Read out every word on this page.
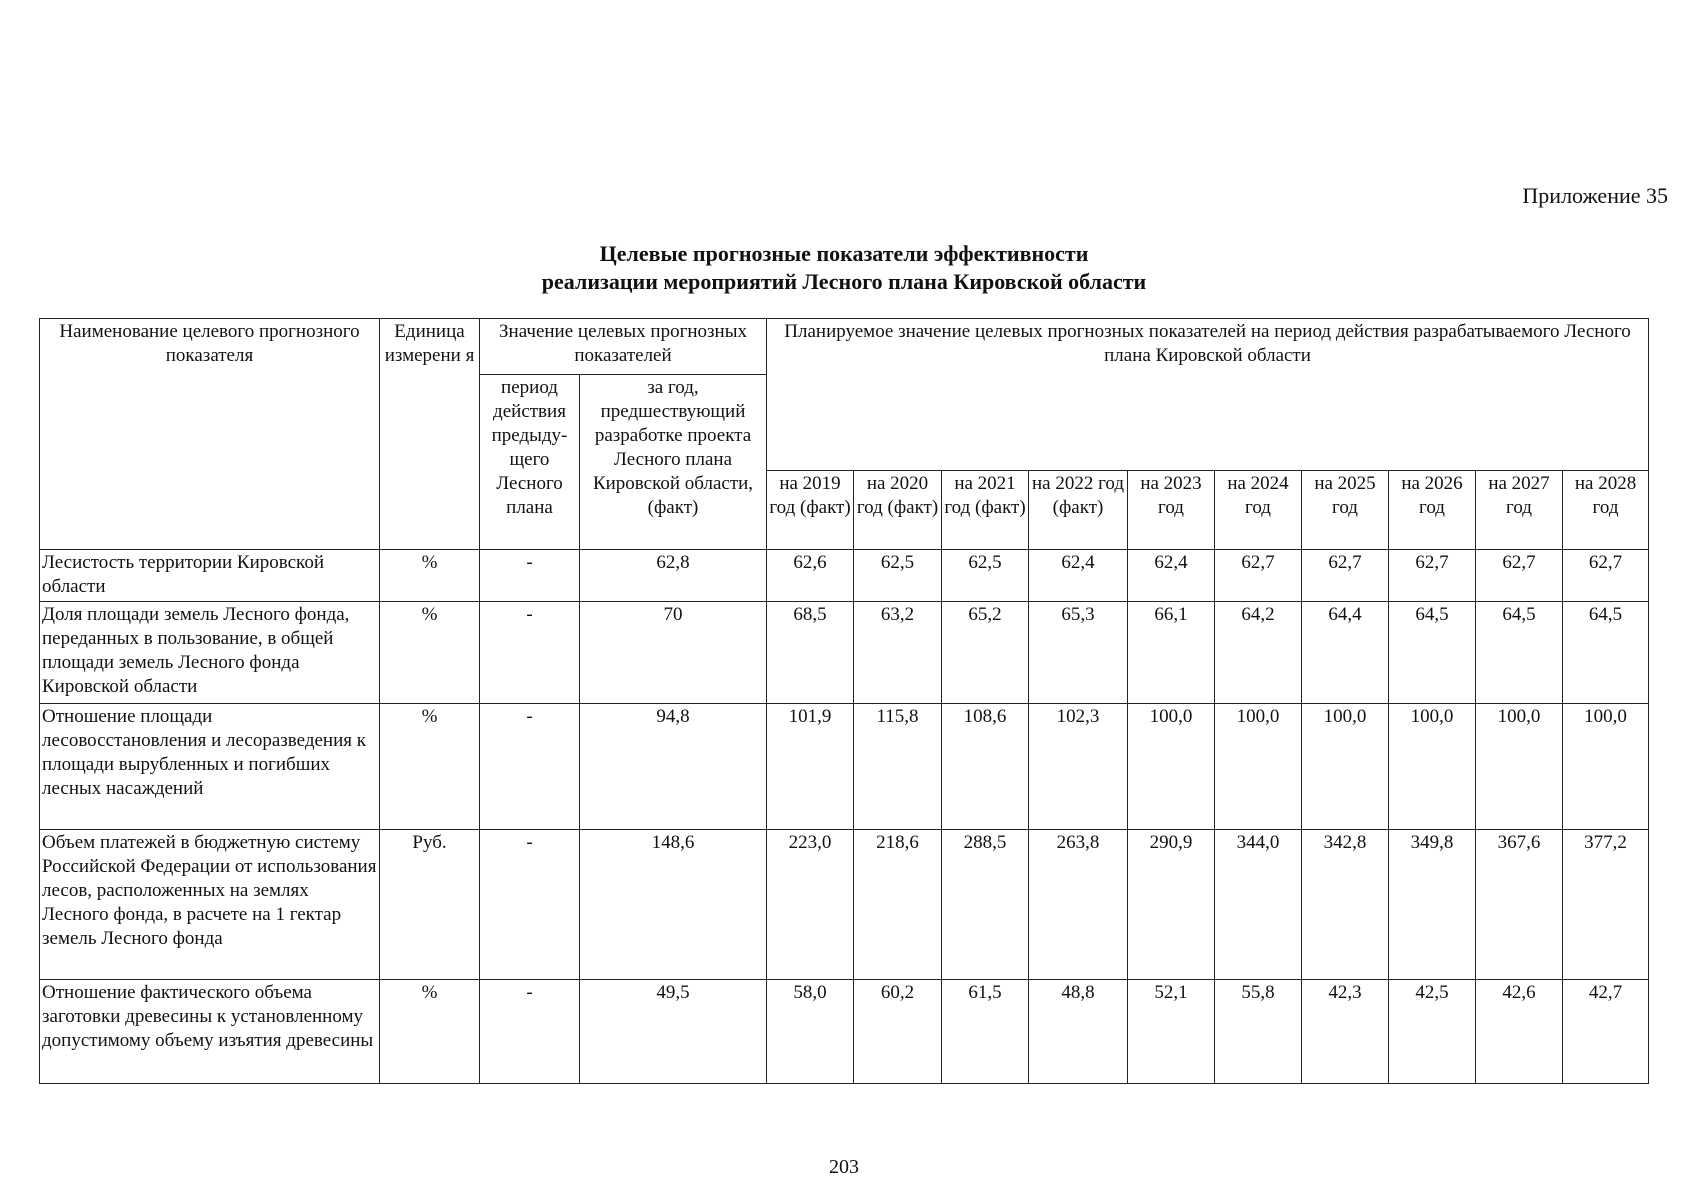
Приложение 35
Целевые прогнозные показатели эффективности
реализации мероприятий Лесного плана Кировской области
Наименование целевого прогнозного показателя	Единица измерени я	Значение целевых прогнозных показателей		Планируемое значение целевых прогнозных показателей на период действия разрабатываемого Лесного плана Кировской области									
		период действия предыду-щего Лесного плана	за год, предшествующий разработке проекта Лесного плана Кировской области, (факт)										
				на 2019 год (факт)	на 2020 год (факт)	на 2021 год (факт)	на 2022 год (факт)	на 2023 год	на 2024 год	на 2025 год	на 2026 год	на 2027 год	на 2028 год
Лесистость территории Кировской области	%	-	62,8	62,6	62,5	62,5	62,4	62,4	62,7	62,7	62,7	62,7	62,7
Доля площади земель Лесного фонда, переданных в пользование, в общей площади земель Лесного фонда Кировской области	%	-	70	68,5	63,2	65,2	65,3	66,1	64,2	64,4	64,5	64,5	64,5
Отношение площади лесовосстановления и лесоразведения к площади вырубленных и погибших лесных насаждений	%	-	94,8	101,9	115,8	108,6	102,3	100,0	100,0	100,0	100,0	100,0	100,0
Объем платежей в бюджетную систему Российской Федерации от использования лесов, расположенных на землях Лесного фонда, в расчете на 1 гектар земель Лесного фонда	Руб.	-	148,6	223,0	218,6	288,5	263,8	290,9	344,0	342,8	349,8	367,6	377,2
Отношение фактического объема заготовки древесины к установленному допустимому объему изъятия древесины	%	-	49,5	58,0	60,2	61,5	48,8	52,1	55,8	42,3	42,5	42,6	42,7
203
